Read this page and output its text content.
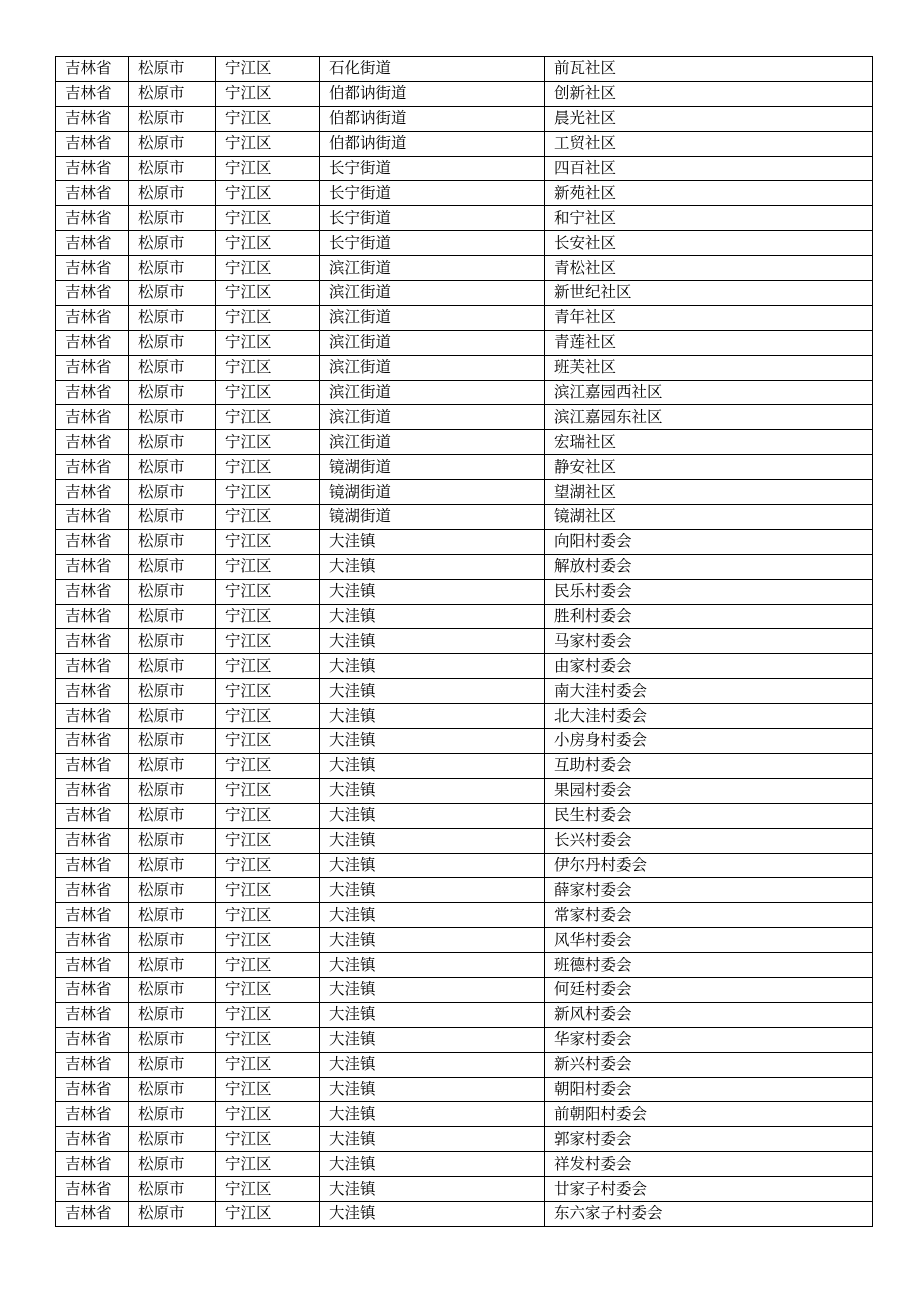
吉林省	松原市	宁江区	石化街道	前瓦社区
吉林省	松原市	宁江区	伯都讷街道	创新社区
吉林省	松原市	宁江区	伯都讷街道	晨光社区
吉林省	松原市	宁江区	伯都讷街道	工贸社区
吉林省	松原市	宁江区	长宁街道	四百社区
吉林省	松原市	宁江区	长宁街道	新苑社区
吉林省	松原市	宁江区	长宁街道	和宁社区
吉林省	松原市	宁江区	长宁街道	长安社区
吉林省	松原市	宁江区	滨江街道	青松社区
吉林省	松原市	宁江区	滨江街道	新世纪社区
吉林省	松原市	宁江区	滨江街道	青年社区
吉林省	松原市	宁江区	滨江街道	青莲社区
吉林省	松原市	宁江区	滨江街道	班芙社区
吉林省	松原市	宁江区	滨江街道	滨江嘉园西社区
吉林省	松原市	宁江区	滨江街道	滨江嘉园东社区
吉林省	松原市	宁江区	滨江街道	宏瑞社区
吉林省	松原市	宁江区	镜湖街道	静安社区
吉林省	松原市	宁江区	镜湖街道	望湖社区
吉林省	松原市	宁江区	镜湖街道	镜湖社区
吉林省	松原市	宁江区	大洼镇	向阳村委会
吉林省	松原市	宁江区	大洼镇	解放村委会
吉林省	松原市	宁江区	大洼镇	民乐村委会
吉林省	松原市	宁江区	大洼镇	胜利村委会
吉林省	松原市	宁江区	大洼镇	马家村委会
吉林省	松原市	宁江区	大洼镇	由家村委会
吉林省	松原市	宁江区	大洼镇	南大洼村委会
吉林省	松原市	宁江区	大洼镇	北大洼村委会
吉林省	松原市	宁江区	大洼镇	小房身村委会
吉林省	松原市	宁江区	大洼镇	互助村委会
吉林省	松原市	宁江区	大洼镇	果园村委会
吉林省	松原市	宁江区	大洼镇	民生村委会
吉林省	松原市	宁江区	大洼镇	长兴村委会
吉林省	松原市	宁江区	大洼镇	伊尔丹村委会
吉林省	松原市	宁江区	大洼镇	薛家村委会
吉林省	松原市	宁江区	大洼镇	常家村委会
吉林省	松原市	宁江区	大洼镇	风华村委会
吉林省	松原市	宁江区	大洼镇	班德村委会
吉林省	松原市	宁江区	大洼镇	何廷村委会
吉林省	松原市	宁江区	大洼镇	新风村委会
吉林省	松原市	宁江区	大洼镇	华家村委会
吉林省	松原市	宁江区	大洼镇	新兴村委会
吉林省	松原市	宁江区	大洼镇	朝阳村委会
吉林省	松原市	宁江区	大洼镇	前朝阳村委会
吉林省	松原市	宁江区	大洼镇	郭家村委会
吉林省	松原市	宁江区	大洼镇	祥发村委会
吉林省	松原市	宁江区	大洼镇	廿家子村委会
吉林省	松原市	宁江区	大洼镇	东六家子村委会
